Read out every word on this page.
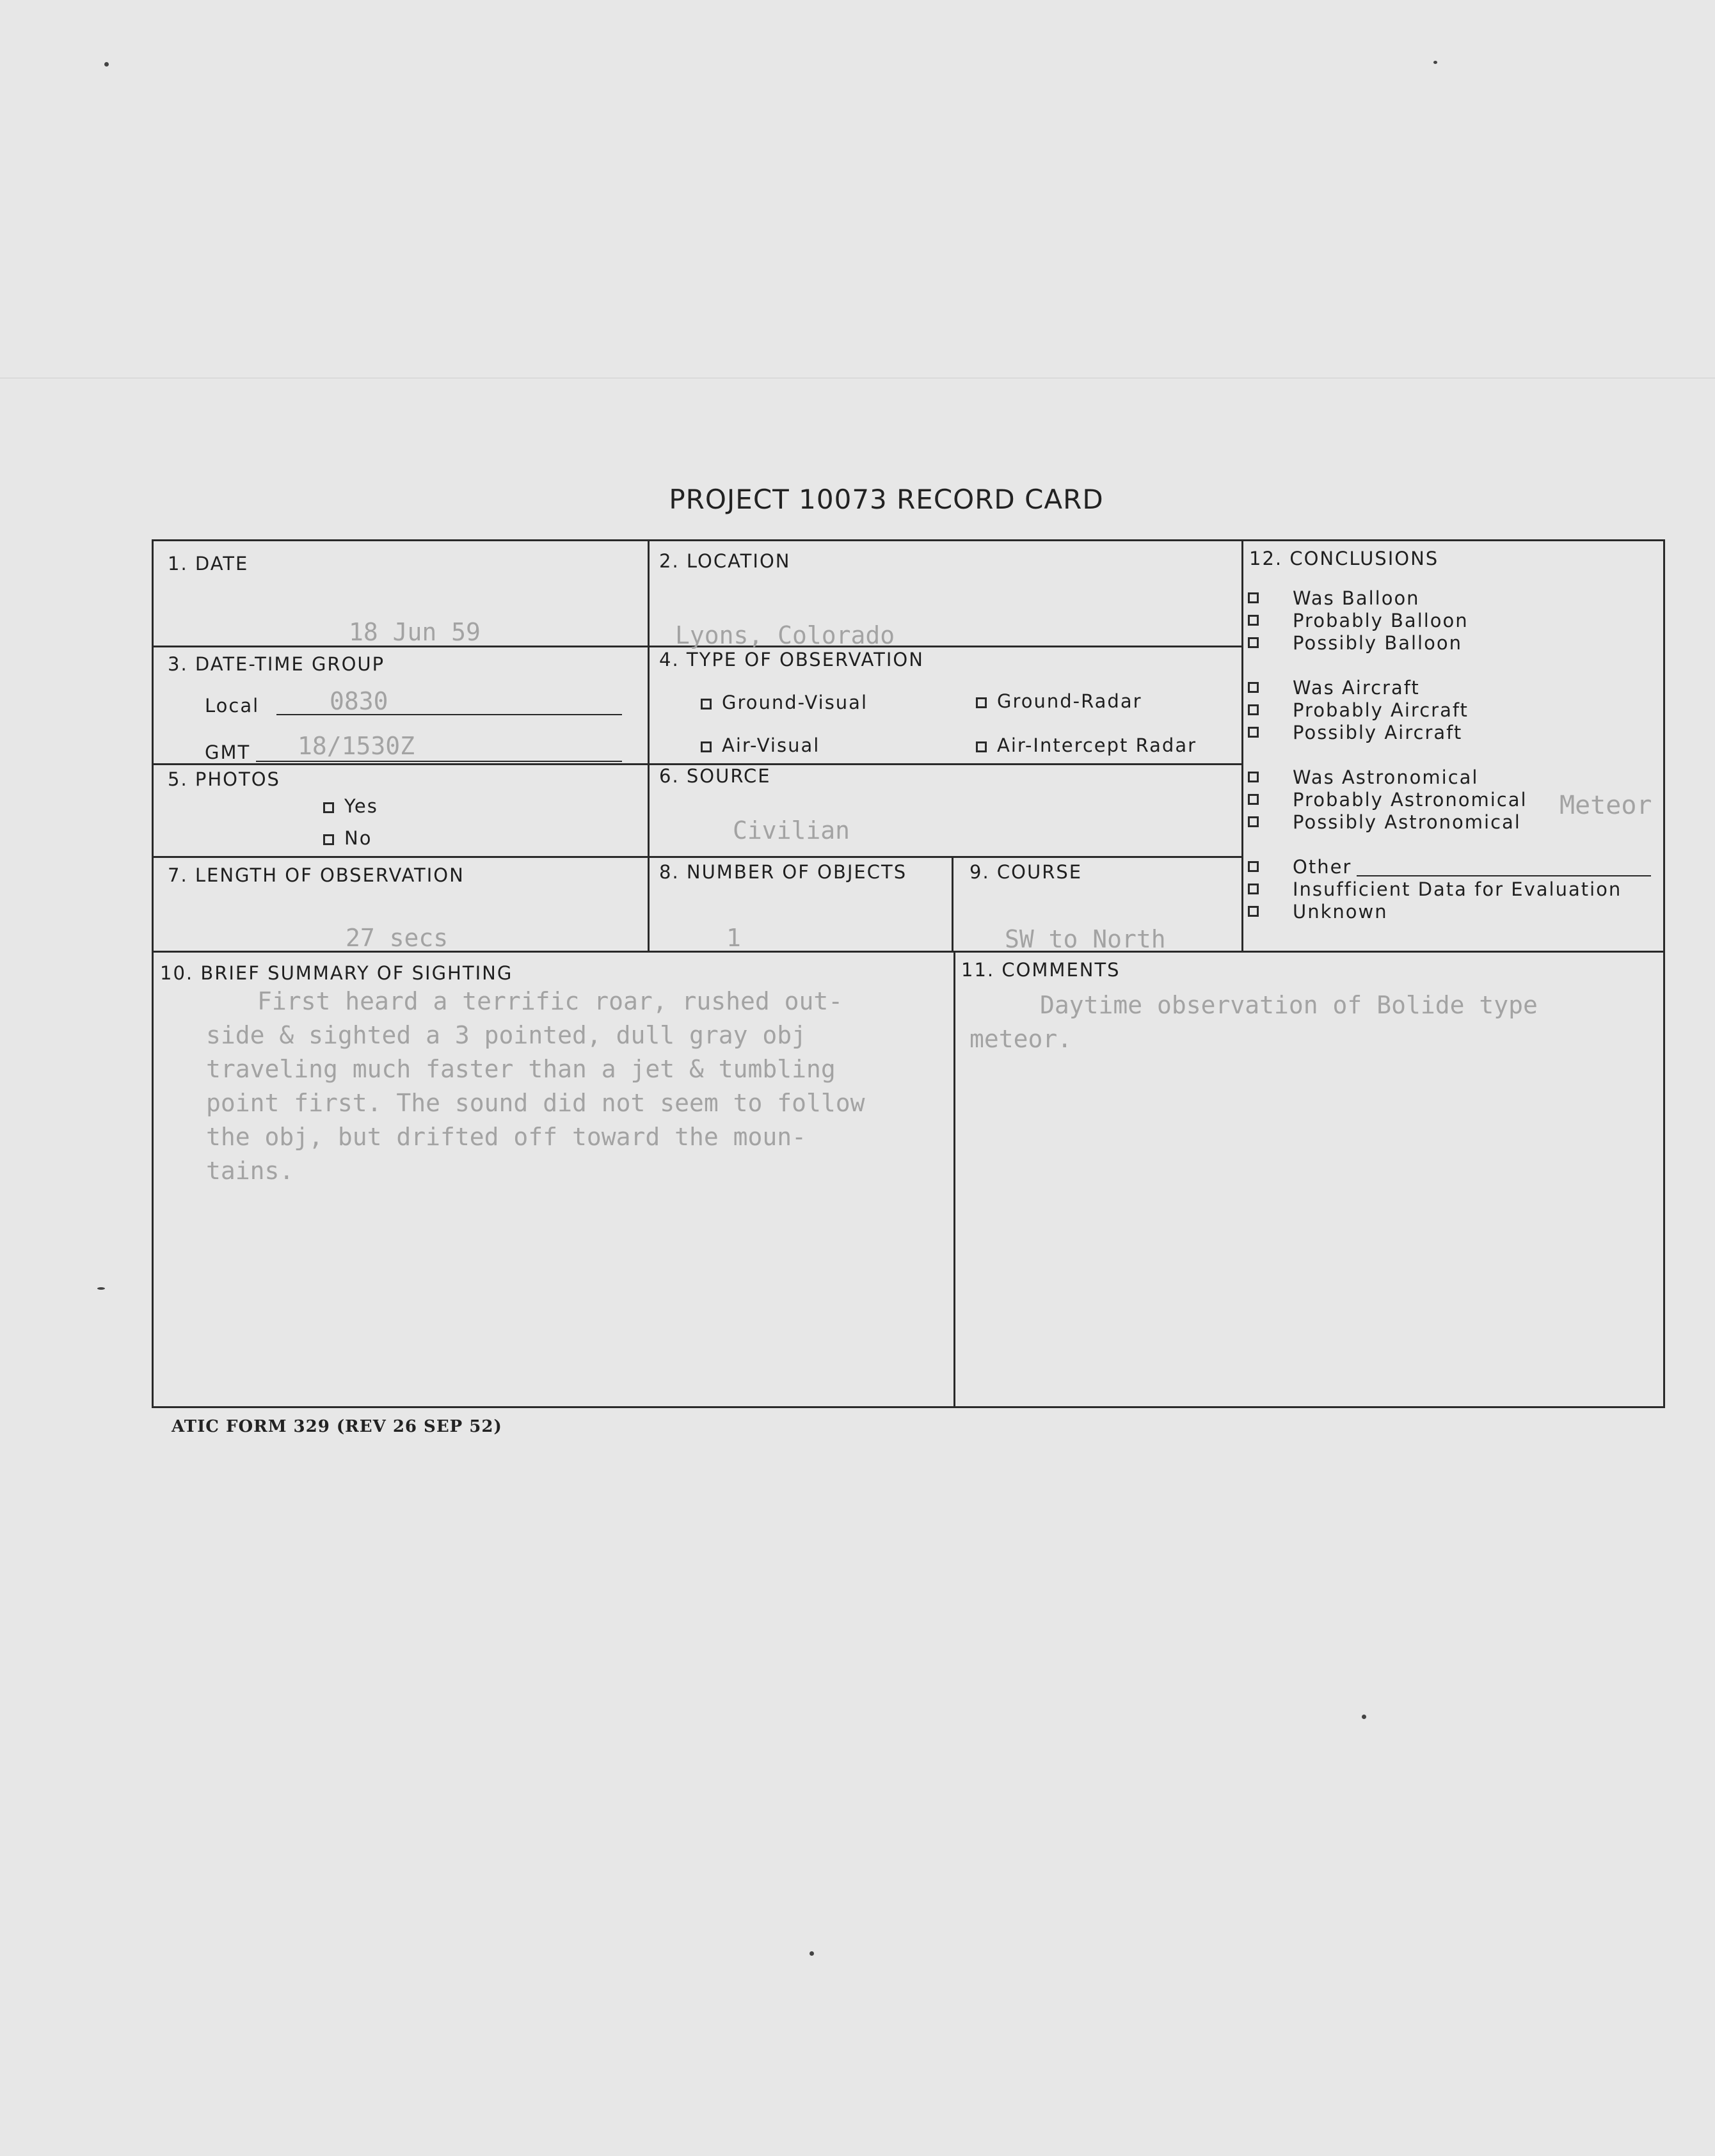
PROJECT 10073 RECORD CARD
1. DATE
18 Jun 59
2. LOCATION
Lyons, Colorado
3. DATE-TIME GROUP
Local	0830
GMT 18/1530Z
4. TYPE OF OBSERVATION
Ground-Visual	Ground-Radar
Air-Visual	Air-Intercept Radar
5. PHOTOS
Yes
No
6. SOURCE
Civilian
7. LENGTH OF OBSERVATION
27 secs
8. NUMBER OF OBJECTS
1
9. COURSE
SW to North
10. BRIEF SUMMARY OF SIGHTING
First heard a terrific roar, rushed out-
side & sighted a 3 pointed, dull gray obj
traveling much faster than a jet & tumbling
point first. The sound did not seem to follow
the obj, but drifted off toward the moun-
tains.
11. COMMENTS
Daytime observation of Bolide type
meteor.
12. CONCLUSIONS
Meteor
Was Balloon
Probably Balloon
Possibly Balloon
Was Aircraft
Probably Aircraft
Possibly Aircraft
Was Astronomical
Probably Astronomical
Possibly Astronomical
Other
Insufficient Data for Evaluation
Unknown
ATIC FORM 329 (REV 26 SEP 52)
